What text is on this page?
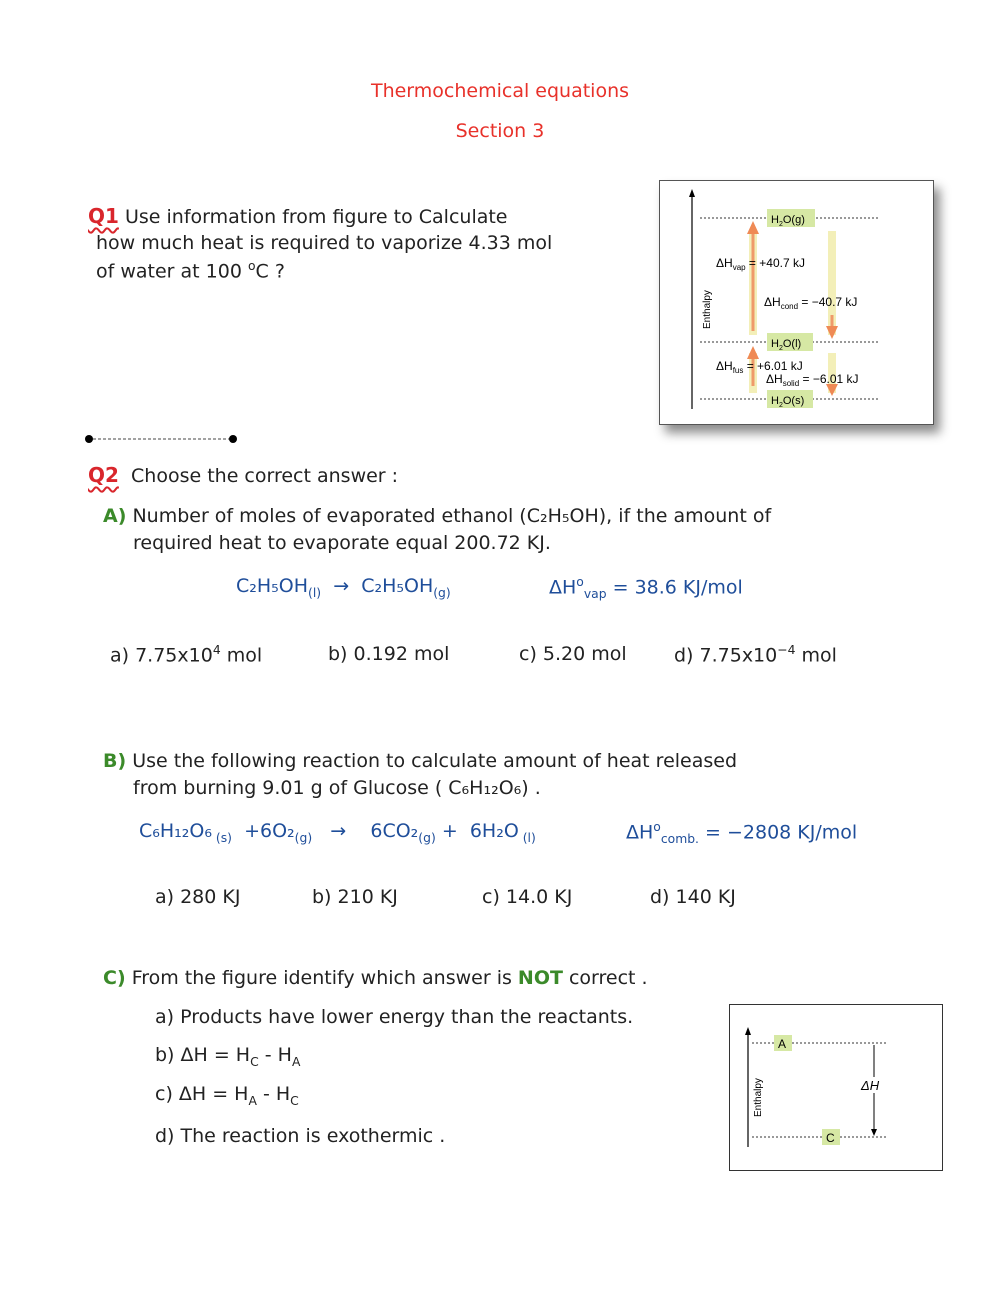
Thermochemical equations
Section 3
Q1 Use information from figure to Calculate
how much heat is required to vaporize 4.33 mol
of water at 100 $^o$C ?
Enthalpy
$H_2O(g)$
$H_2O(l)$
$H_2O(s)$
$\Delta H_{vap} = +40.7$ kJ
$\Delta H_{cond} = -40.7$ kJ
$\Delta H_{fus} = +6.01$ kJ
$\Delta H_{solid} = -6.01$ kJ
Q2 Choose the correct answer :
A) Number of moles of evaporated ethanol (C₂H₅OH), if the amount of
required heat to evaporate equal 200.72 KJ.
$C_2H_5OH_{(l)} \to C_2H_5OH_{(g)}$	$\Delta H^o_{vap} = 38.6$ KJ/mol
a) $7.75x10^4$ mol	b) 0.192 mol	c) 5.20 mol d) $7.75x10^{-4}$ mol
B) Use the following reaction to calculate amount of heat released
from burning 9.01 g of Glucose ( C₆H₁₂O₆) .
C₆H₁₂O₆ $_{(s)} +6O_2_{(g)} \to 6CO_2_{(g)} + 6H_2O$ $_{(l)}$	$\Delta H^o_{comb.} = -2808$ KJ/mol
a) 280 KJ	b) 210 KJ	c) 14.0 KJ	d) 140 KJ
C) From the figure identify which answer is NOT correct .
a) Products have lower energy than the reactants.
b) $\Delta H = H_C - H_A$
c) $\Delta H = H_A - H_C$
d) The reaction is exothermic .
Enthalpy
A
C
ΔH
